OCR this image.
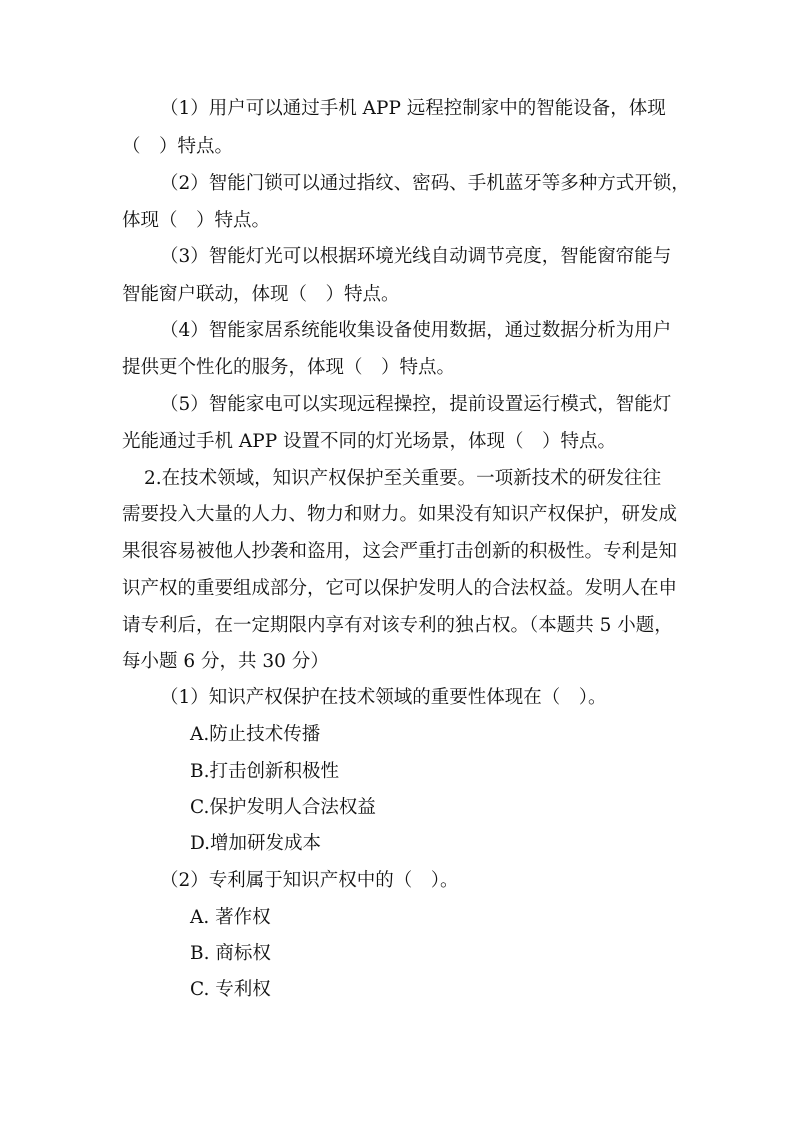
（1）用户可以通过手机 APP 远程控制家中的智能设备，体现
（　）特点。
（2）智能门锁可以通过指纹、密码、手机蓝牙等多种方式开锁，
体现（　）特点。
（3）智能灯光可以根据环境光线自动调节亮度，智能窗帘能与
智能窗户联动，体现（　）特点。
（4）智能家居系统能收集设备使用数据，通过数据分析为用户
提供更个性化的服务，体现（　）特点。
（5）智能家电可以实现远程操控，提前设置运行模式，智能灯
光能通过手机 APP 设置不同的灯光场景，体现（　）特点。
2.在技术领域，知识产权保护至关重要。一项新技术的研发往往
需要投入大量的人力、物力和财力。如果没有知识产权保护，研发成
果很容易被他人抄袭和盗用，这会严重打击创新的积极性。专利是知
识产权的重要组成部分，它可以保护发明人的合法权益。发明人在申
请专利后，在一定期限内享有对该专利的独占权。（本题共 5 小题，
每小题 6 分，共 30 分）
（1）知识产权保护在技术领域的重要性体现在（　）。
A.防止技术传播
B.打击创新积极性
C.保护发明人合法权益
D.增加研发成本
（2）专利属于知识产权中的（　）。
A. 著作权
B. 商标权
C. 专利权
